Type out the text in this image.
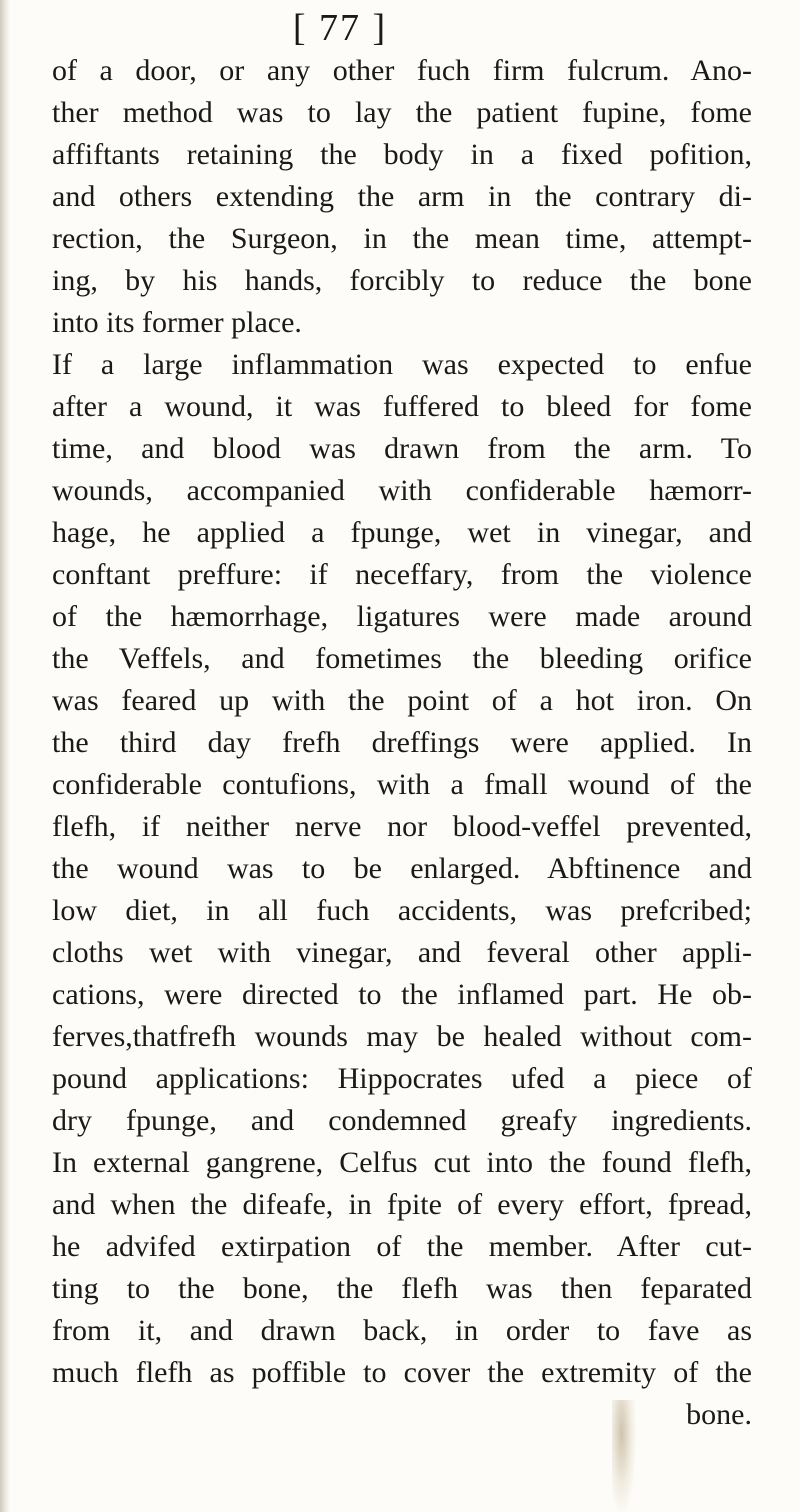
[ 77 ]
of a door, or any other fuch firm fulcrum. Ano-
ther method was to lay the patient fupine, fome
affiftants retaining the body in a fixed pofition,
and others extending the arm in the contrary di-
rection, the Surgeon, in the mean time, attempt-
ing, by his hands, forcibly to reduce the bone
into its former place.
If a large inflammation was expected to enfue
after a wound, it was fuffered to bleed for fome
time, and blood was drawn from the arm. To
wounds, accompanied with confiderable hæmorr-
hage, he applied a fpunge, wet in vinegar, and
conftant preffure: if neceffary, from the violence
of the hæmorrhage, ligatures were made around
the Veffels, and fometimes the bleeding orifice
was feared up with the point of a hot iron. On
the third day frefh dreffings were applied. In
confiderable contufions, with a fmall wound of the
flefh, if neither nerve nor blood-veffel prevented,
the wound was to be enlarged. Abftinence and
low diet, in all fuch accidents, was prefcribed;
cloths wet with vinegar, and feveral other appli-
cations, were directed to the inflamed part. He ob-
ferves,thatfrefh wounds may be healed without com-
pound applications: Hippocrates ufed a piece of
dry fpunge, and condemned greafy ingredients.
In external gangrene, Celfus cut into the found flefh,
and when the difeafe, in fpite of every effort, fpread,
he advifed extirpation of the member. After cut-
ting to the bone, the flefh was then feparated
from it, and drawn back, in order to fave as
much flefh as poffible to cover the extremity of the
bone.
